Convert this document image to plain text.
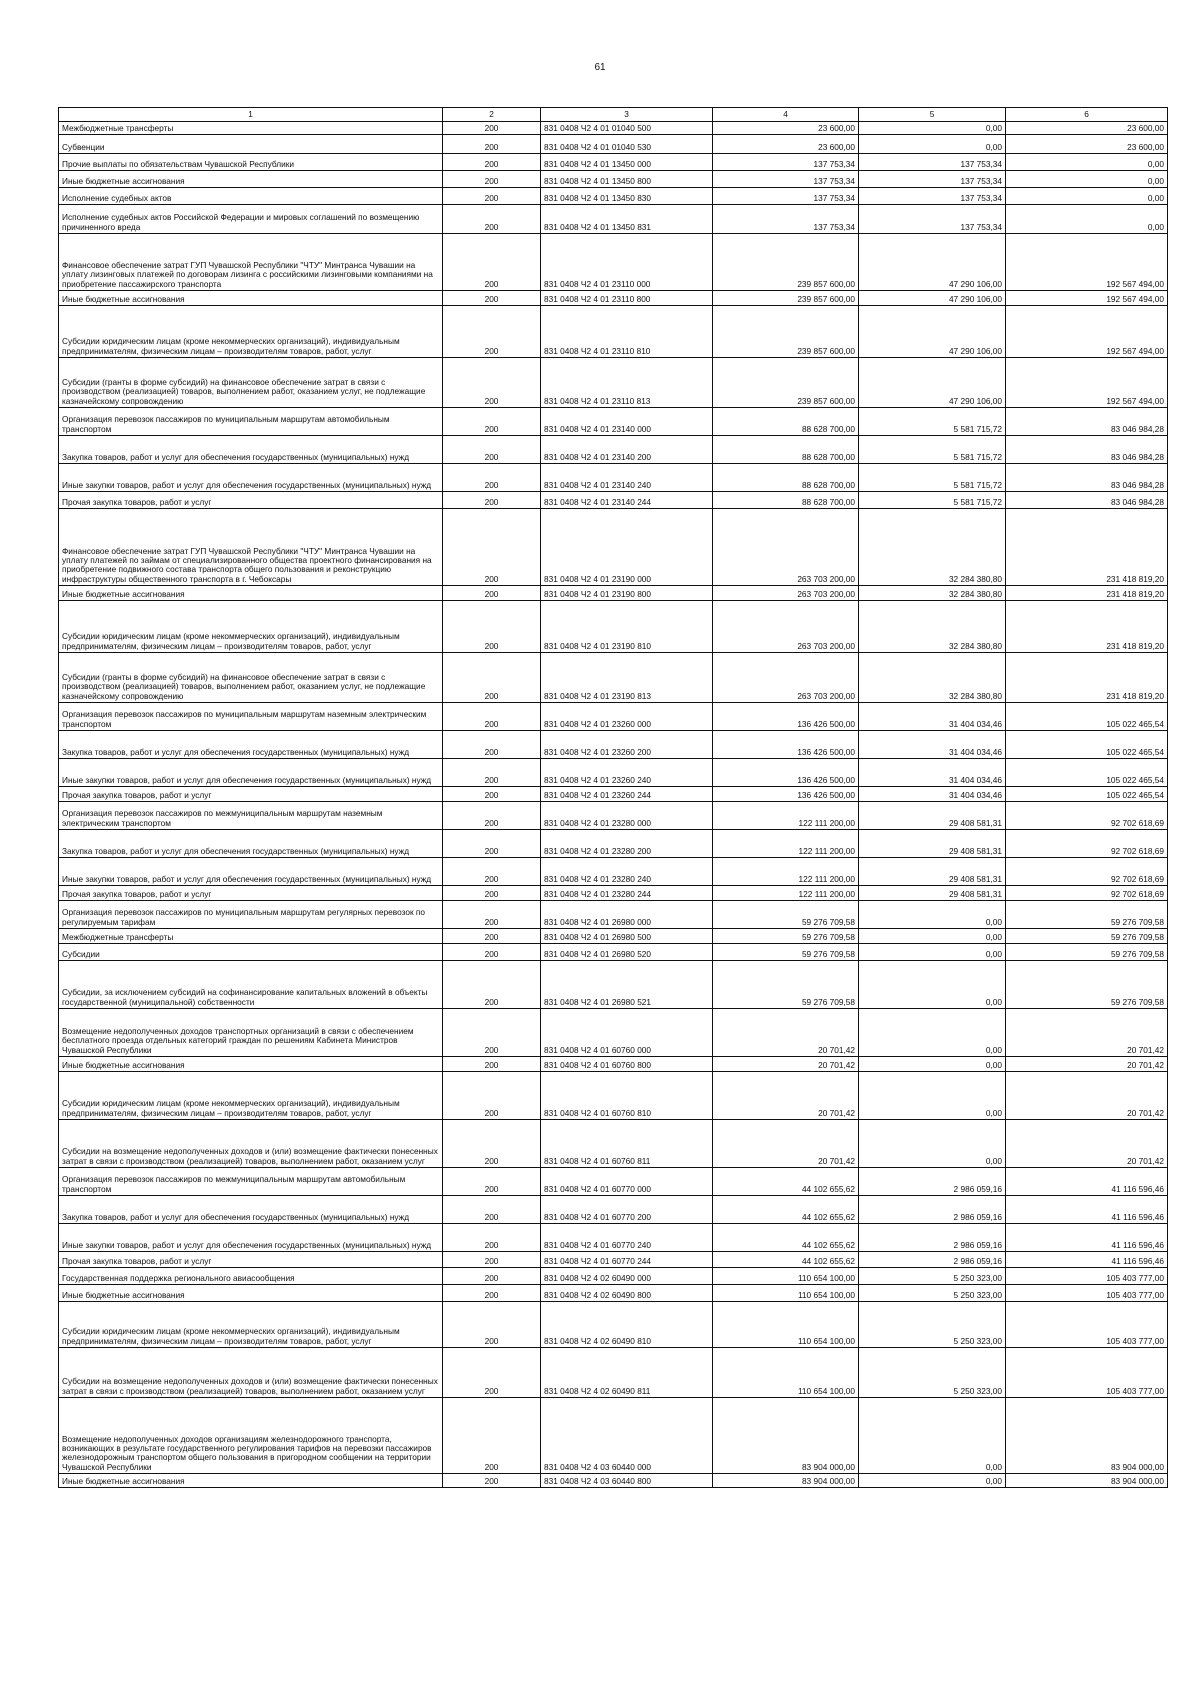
61
1	2	3	4	5	6
Межбюджетные трансферты	200	831 0408 Ч2 4 01 01040 500	23 600,00	0,00	23 600,00
Субвенции	200	831 0408 Ч2 4 01 01040 530	23 600,00	0,00	23 600,00
Прочие выплаты по обязательствам Чувашской Республики	200	831 0408 Ч2 4 01 13450 000	137 753,34	137 753,34	0,00
Иные бюджетные ассигнования	200	831 0408 Ч2 4 01 13450 800	137 753,34	137 753,34	0,00
Исполнение судебных актов	200	831 0408 Ч2 4 01 13450 830	137 753,34	137 753,34	0,00
Исполнение судебных актов Российской Федерации и мировых соглашений по возмещению причиненного вреда	200	831 0408 Ч2 4 01 13450 831	137 753,34	137 753,34	0,00
Финансовое обеспечение затрат ГУП Чувашской Республики "ЧТУ" Минтранса Чувашии на уплату лизинговых платежей по договорам лизинга с российскими лизинговыми компаниями на приобретение пассажирского транспорта	200	831 0408 Ч2 4 01 23110 000	239 857 600,00	47 290 106,00	192 567 494,00
Иные бюджетные ассигнования	200	831 0408 Ч2 4 01 23110 800	239 857 600,00	47 290 106,00	192 567 494,00
Субсидии юридическим лицам (кроме некоммерческих организаций), индивидуальным предпринимателям, физическим лицам – производителям товаров, работ, услуг	200	831 0408 Ч2 4 01 23110 810	239 857 600,00	47 290 106,00	192 567 494,00
Субсидии (гранты в форме субсидий) на финансовое обеспечение затрат в связи с производством (реализацией) товаров, выполнением работ, оказанием услуг, не подлежащие казначейскому сопровождению	200	831 0408 Ч2 4 01 23110 813	239 857 600,00	47 290 106,00	192 567 494,00
Организация перевозок пассажиров по муниципальным маршрутам автомобильным транспортом	200	831 0408 Ч2 4 01 23140 000	88 628 700,00	5 581 715,72	83 046 984,28
Закупка товаров, работ и услуг для обеспечения государственных (муниципальных) нужд	200	831 0408 Ч2 4 01 23140 200	88 628 700,00	5 581 715,72	83 046 984,28
Иные закупки товаров, работ и услуг для обеспечения государственных (муниципальных) нужд	200	831 0408 Ч2 4 01 23140 240	88 628 700,00	5 581 715,72	83 046 984,28
Прочая закупка товаров, работ и услуг	200	831 0408 Ч2 4 01 23140 244	88 628 700,00	5 581 715,72	83 046 984,28
Финансовое обеспечение затрат ГУП Чувашской Республики "ЧТУ" Минтранса Чувашии на уплату платежей по займам от специализированного общества проектного финансирования на приобретение подвижного состава транспорта общего пользования и реконструкцию инфраструктуры общественного транспорта в г. Чебоксары	200	831 0408 Ч2 4 01 23190 000	263 703 200,00	32 284 380,80	231 418 819,20
Иные бюджетные ассигнования	200	831 0408 Ч2 4 01 23190 800	263 703 200,00	32 284 380,80	231 418 819,20
Субсидии юридическим лицам (кроме некоммерческих организаций), индивидуальным предпринимателям, физическим лицам – производителям товаров, работ, услуг	200	831 0408 Ч2 4 01 23190 810	263 703 200,00	32 284 380,80	231 418 819,20
Субсидии (гранты в форме субсидий) на финансовое обеспечение затрат в связи с производством (реализацией) товаров, выполнением работ, оказанием услуг, не подлежащие казначейскому сопровождению	200	831 0408 Ч2 4 01 23190 813	263 703 200,00	32 284 380,80	231 418 819,20
Организация перевозок пассажиров по муниципальным маршрутам наземным электрическим транспортом	200	831 0408 Ч2 4 01 23260 000	136 426 500,00	31 404 034,46	105 022 465,54
Закупка товаров, работ и услуг для обеспечения государственных (муниципальных) нужд	200	831 0408 Ч2 4 01 23260 200	136 426 500,00	31 404 034,46	105 022 465,54
Иные закупки товаров, работ и услуг для обеспечения государственных (муниципальных) нужд	200	831 0408 Ч2 4 01 23260 240	136 426 500,00	31 404 034,46	105 022 465,54
Прочая закупка товаров, работ и услуг	200	831 0408 Ч2 4 01 23260 244	136 426 500,00	31 404 034,46	105 022 465,54
Организация перевозок пассажиров по межмуниципальным маршрутам наземным электрическим транспортом	200	831 0408 Ч2 4 01 23280 000	122 111 200,00	29 408 581,31	92 702 618,69
Закупка товаров, работ и услуг для обеспечения государственных (муниципальных) нужд	200	831 0408 Ч2 4 01 23280 200	122 111 200,00	29 408 581,31	92 702 618,69
Иные закупки товаров, работ и услуг для обеспечения государственных (муниципальных) нужд	200	831 0408 Ч2 4 01 23280 240	122 111 200,00	29 408 581,31	92 702 618,69
Прочая закупка товаров, работ и услуг	200	831 0408 Ч2 4 01 23280 244	122 111 200,00	29 408 581,31	92 702 618,69
Организация перевозок пассажиров по муниципальным маршрутам регулярных перевозок по регулируемым тарифам	200	831 0408 Ч2 4 01 26980 000	59 276 709,58	0,00	59 276 709,58
Межбюджетные трансферты	200	831 0408 Ч2 4 01 26980 500	59 276 709,58	0,00	59 276 709,58
Субсидии	200	831 0408 Ч2 4 01 26980 520	59 276 709,58	0,00	59 276 709,58
Субсидии, за исключением субсидий на софинансирование капитальных вложений в объекты государственной (муниципальной) собственности	200	831 0408 Ч2 4 01 26980 521	59 276 709,58	0,00	59 276 709,58
Возмещение недополученных доходов транспортных организаций в связи с обеспечением бесплатного проезда отдельных категорий граждан по решениям Кабинета Министров Чувашской Республики	200	831 0408 Ч2 4 01 60760 000	20 701,42	0,00	20 701,42
Иные бюджетные ассигнования	200	831 0408 Ч2 4 01 60760 800	20 701,42	0,00	20 701,42
Субсидии юридическим лицам (кроме некоммерческих организаций), индивидуальным предпринимателям, физическим лицам – производителям товаров, работ, услуг	200	831 0408 Ч2 4 01 60760 810	20 701,42	0,00	20 701,42
Субсидии на возмещение недополученных доходов и (или) возмещение фактически понесенных затрат в связи с производством (реализацией) товаров, выполнением работ, оказанием услуг	200	831 0408 Ч2 4 01 60760 811	20 701,42	0,00	20 701,42
Организация перевозок пассажиров по межмуниципальным маршрутам автомобильным транспортом	200	831 0408 Ч2 4 01 60770 000	44 102 655,62	2 986 059,16	41 116 596,46
Закупка товаров, работ и услуг для обеспечения государственных (муниципальных) нужд	200	831 0408 Ч2 4 01 60770 200	44 102 655,62	2 986 059,16	41 116 596,46
Иные закупки товаров, работ и услуг для обеспечения государственных (муниципальных) нужд	200	831 0408 Ч2 4 01 60770 240	44 102 655,62	2 986 059,16	41 116 596,46
Прочая закупка товаров, работ и услуг	200	831 0408 Ч2 4 01 60770 244	44 102 655,62	2 986 059,16	41 116 596,46
Государственная поддержка регионального авиасообщения	200	831 0408 Ч2 4 02 60490 000	110 654 100,00	5 250 323,00	105 403 777,00
Иные бюджетные ассигнования	200	831 0408 Ч2 4 02 60490 800	110 654 100,00	5 250 323,00	105 403 777,00
Субсидии юридическим лицам (кроме некоммерческих организаций), индивидуальным предпринимателям, физическим лицам – производителям товаров, работ, услуг	200	831 0408 Ч2 4 02 60490 810	110 654 100,00	5 250 323,00	105 403 777,00
Субсидии на возмещение недополученных доходов и (или) возмещение фактически понесенных затрат в связи с производством (реализацией) товаров, выполнением работ, оказанием услуг	200	831 0408 Ч2 4 02 60490 811	110 654 100,00	5 250 323,00	105 403 777,00
Возмещение недополученных доходов организациям железнодорожного транспорта, возникающих в результате государственного регулирования тарифов на перевозки пассажиров железнодорожным транспортом общего пользования в пригородном сообщении на территории Чувашской Республики	200	831 0408 Ч2 4 03 60440 000	83 904 000,00	0,00	83 904 000,00
Иные бюджетные ассигнования	200	831 0408 Ч2 4 03 60440 800	83 904 000,00	0,00	83 904 000,00
